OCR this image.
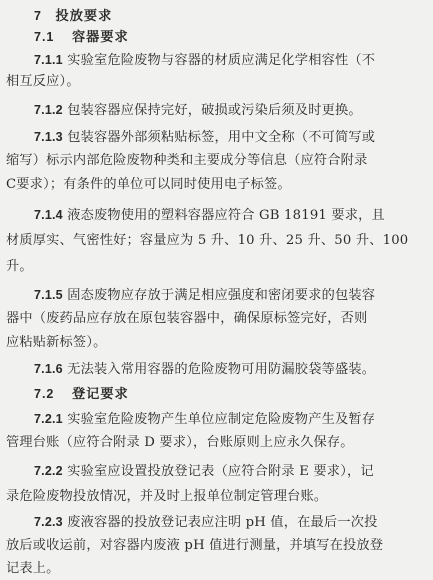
7 投放要求
7.1 容器要求
7.1.1 实验室危险废物与容器的材质应满足化学相容性（不
相互反应）。
7.1.2 包装容器应保持完好，破损或污染后须及时更换。
7.1.3 包装容器外部须粘贴标签，用中文全称（不可简写或
缩写）标示内部危险废物种类和主要成分等信息（应符合附录
C要求）；有条件的单位可以同时使用电子标签。
7.1.4 液态废物使用的塑料容器应符合 GB 18191 要求，且
材质厚实、气密性好；容量应为 5 升、10 升、25 升、50 升、100
升。
7.1.5 固态废物应存放于满足相应强度和密闭要求的包装容
器中（废药品应存放在原包装容器中，确保原标签完好，否则
应粘贴新标签）。
7.1.6 无法装入常用容器的危险废物可用防漏胶袋等盛装。
7.2 登记要求
7.2.1 实验室危险废物产生单位应制定危险废物产生及暂存
管理台账（应符合附录 D 要求），台账原则上应永久保存。
7.2.2 实验室应设置投放登记表（应符合附录 E 要求），记
录危险废物投放情况，并及时上报单位制定管理台账。
7.2.3 废液容器的投放登记表应注明 pH 值，在最后一次投
放后或收运前，对容器内废液 pH 值进行测量，并填写在投放登
记表上。
